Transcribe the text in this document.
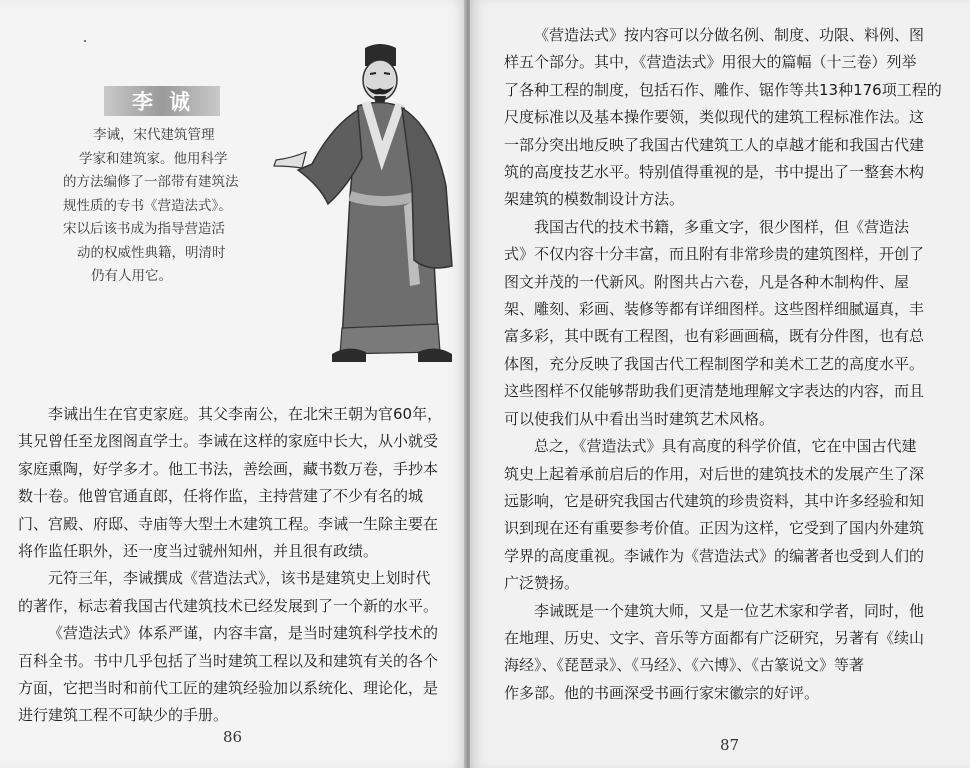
李诚
李诫，宋代建筑管理
学家和建筑家。他用科学
的方法编修了一部带有建筑法
规性质的专书《营造法式》。
宋以后该书成为指导营造活
动的权威性典籍，明清时
仍有人用它。
李诫出生在官吏家庭。其父李南公，在北宋王朝为官60年，
其兄曾任至龙图阁直学士。李诫在这样的家庭中长大，从小就受
家庭熏陶，好学多才。他工书法，善绘画，藏书数万卷，手抄本
数十卷。他曾官通直郎，任将作监，主持营建了不少有名的城
门、宫殿、府邸、寺庙等大型土木建筑工程。李诫一生除主要在
将作监任职外，还一度当过虢州知州，并且很有政绩。
元符三年，李诫撰成《营造法式》，该书是建筑史上划时代
的著作，标志着我国古代建筑技术已经发展到了一个新的水平。
《营造法式》体系严谨，内容丰富，是当时建筑科学技术的
百科全书。书中几乎包括了当时建筑工程以及和建筑有关的各个
方面，它把当时和前代工匠的建筑经验加以系统化、理论化，是
进行建筑工程不可缺少的手册。
86
《营造法式》按内容可以分做名例、制度、功限、料例、图
样五个部分。其中，《营造法式》用很大的篇幅（十三卷）列举
了各种工程的制度，包括石作、雕作、锯作等共13种176项工程的
尺度标准以及基本操作要领，类似现代的建筑工程标准作法。这
一部分突出地反映了我国古代建筑工人的卓越才能和我国古代建
筑的高度技艺水平。特别值得重视的是，书中提出了一整套木构
架建筑的模数制设计方法。
我国古代的技术书籍，多重文字，很少图样，但《营造法
式》不仅内容十分丰富，而且附有非常珍贵的建筑图样，开创了
图文并茂的一代新风。附图共占六卷，凡是各种木制构件、屋
架、雕刻、彩画、装修等都有详细图样。这些图样细腻逼真，丰
富多彩，其中既有工程图，也有彩画画稿，既有分件图，也有总
体图，充分反映了我国古代工程制图学和美术工艺的高度水平。
这些图样不仅能够帮助我们更清楚地理解文字表达的内容，而且
可以使我们从中看出当时建筑艺术风格。
总之，《营造法式》具有高度的科学价值，它在中国古代建
筑史上起着承前启后的作用，对后世的建筑技术的发展产生了深
远影响，它是研究我国古代建筑的珍贵资料，其中许多经验和知
识到现在还有重要参考价值。正因为这样，它受到了国内外建筑
学界的高度重视。李诫作为《营造法式》的编著者也受到人们的
广泛赞扬。
李诫既是一个建筑大师，又是一位艺术家和学者，同时，他
在地理、历史、文字、音乐等方面都有广泛研究，另著有《续山
海经》、《琵琶录》、《马经》、《六博》、《古篆说文》等著
作多部。他的书画深受书画行家宋徽宗的好评。
87
